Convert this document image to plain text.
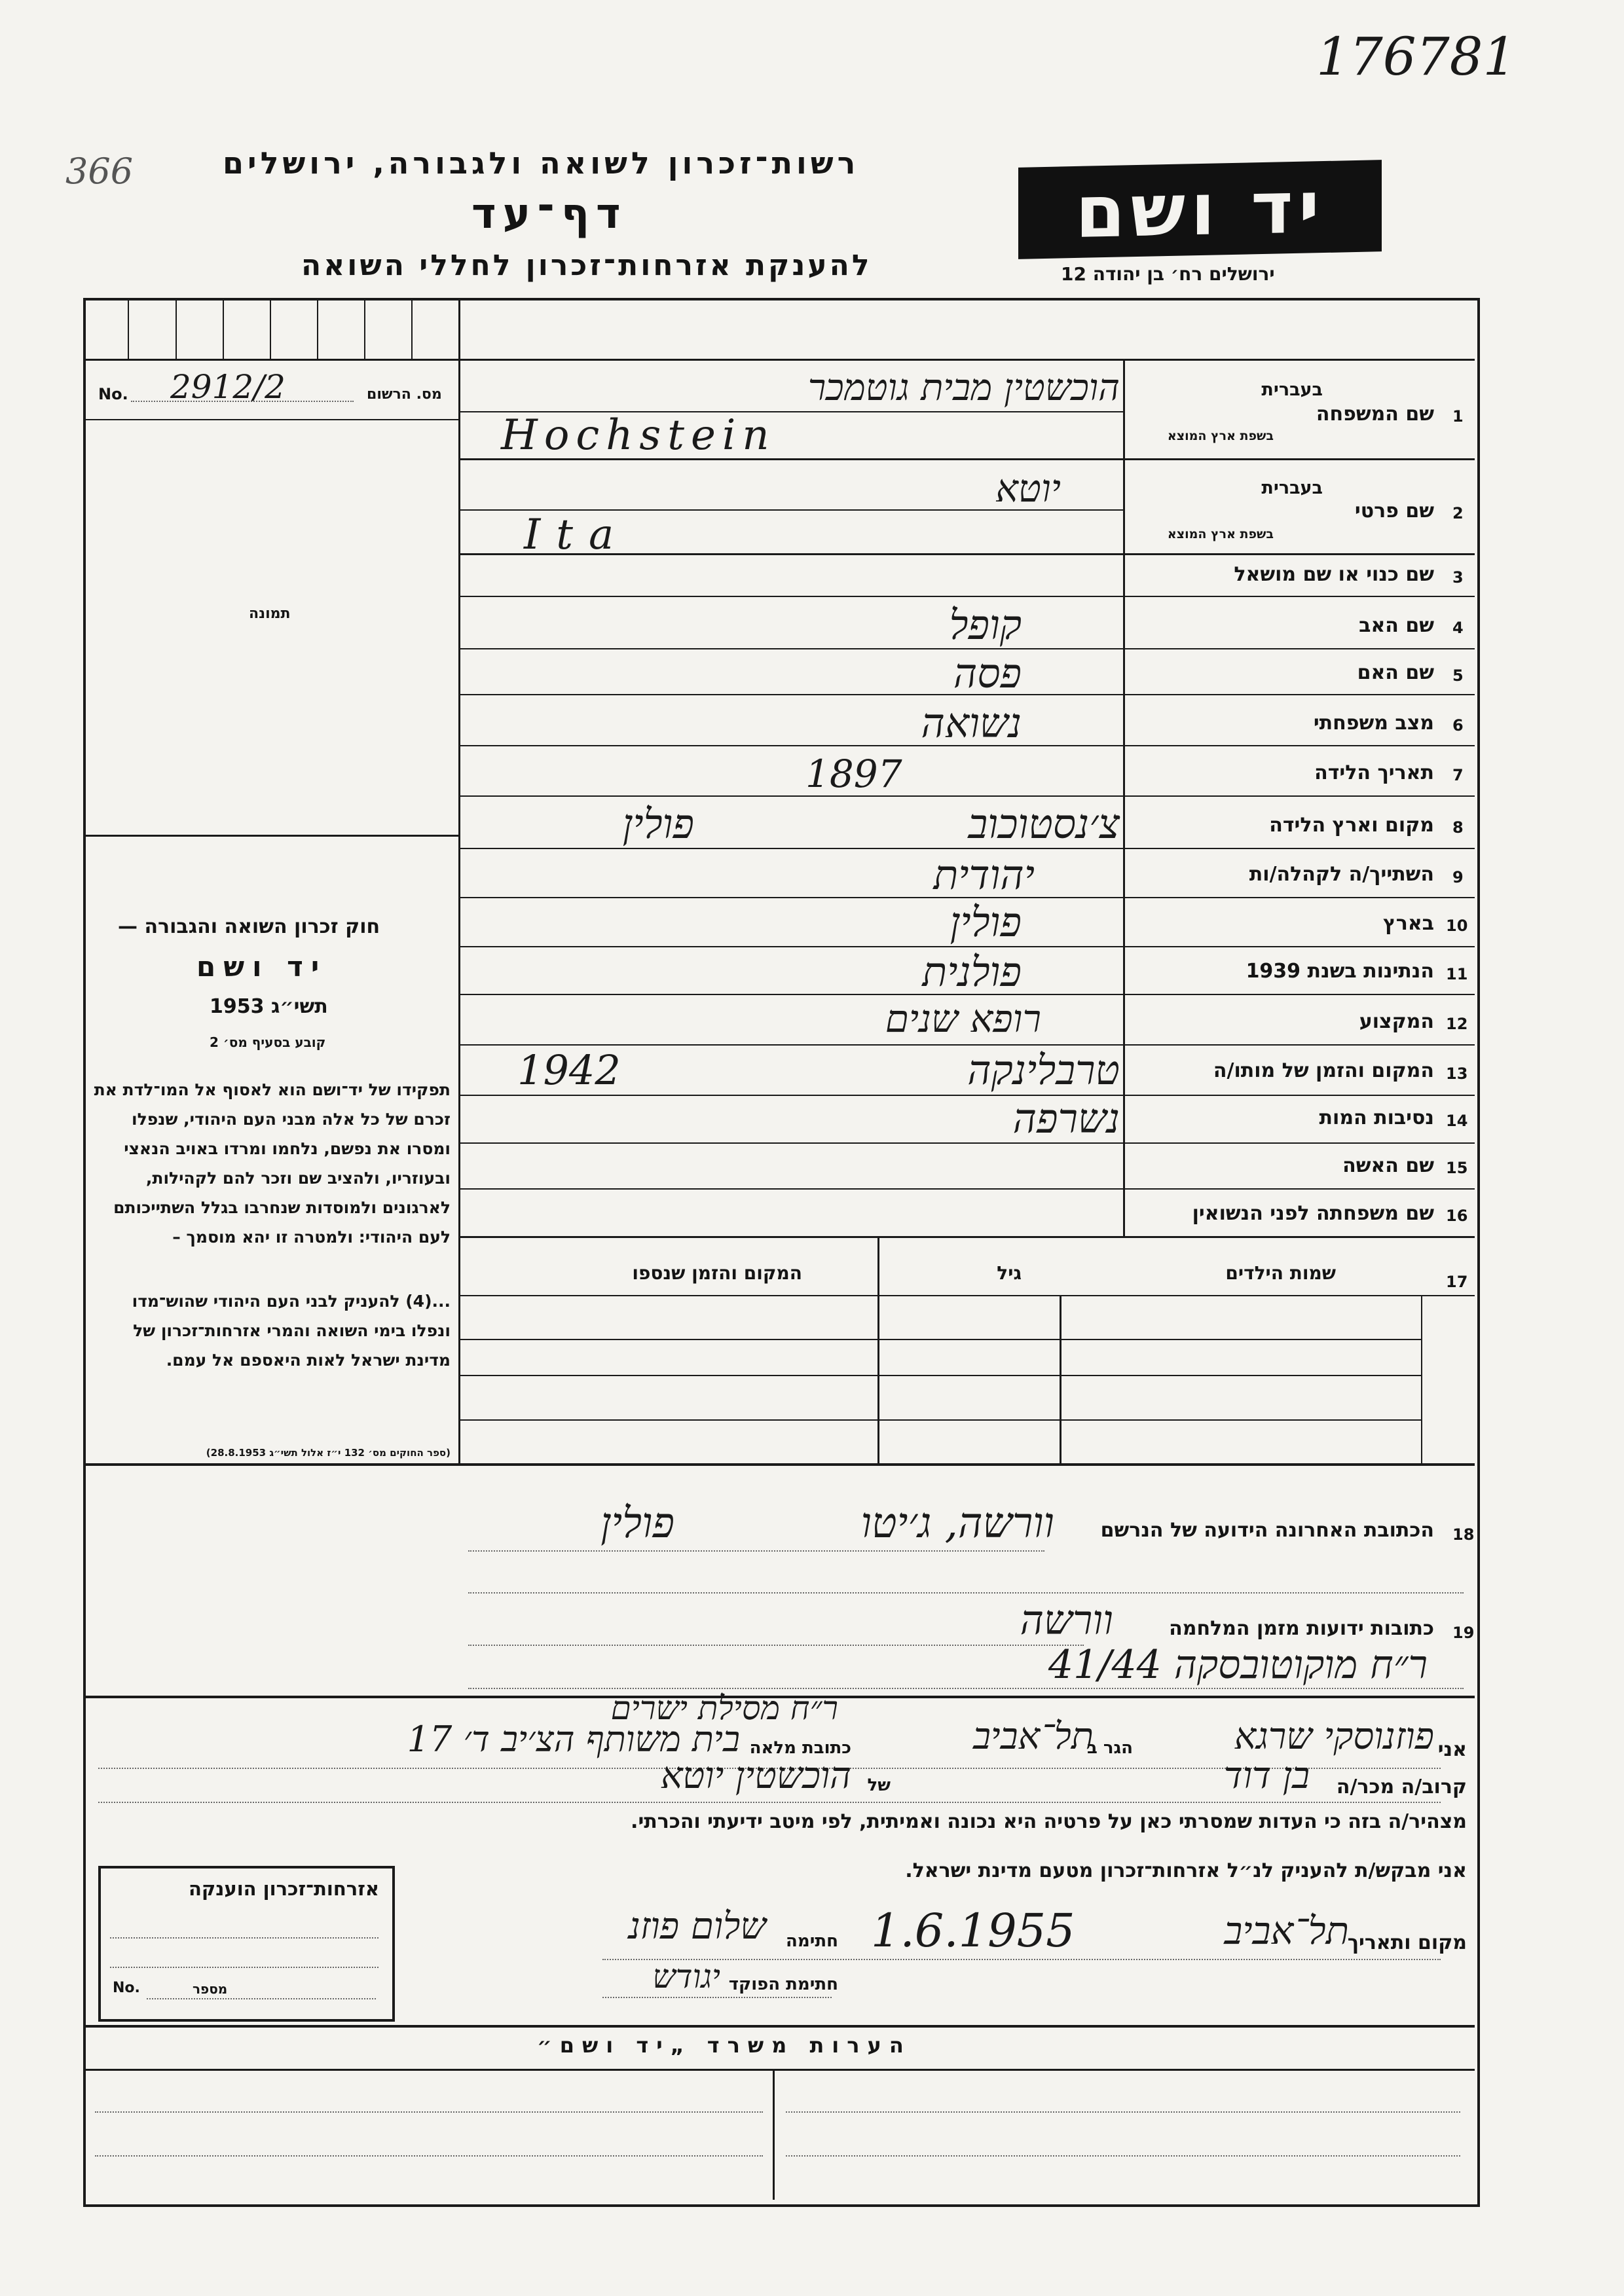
176781
366	רשות־זכרון לשואה ולגבורה, ירושלים
דף־עד
להענקת אזרחות־זכרון לחללי השואה
יד ושם
ירושלים רח׳ בן יהודה 12
No. 2912/2	מס. הרשום
תמונה
חוק זכרון השואה והגבורה —
יד ושם
תשי״ג 1953
קובע בסעיף מס׳ 2
תפקידו של יד־ושם הוא לאסוף אל המו־לדת את זכרם של כל אלה מבני העם היהודי, שנפלו ומסרו את נפשם, נלחמו ומרדו באויב הנאצי ובעוזריו, ולהציב שם וזכר להם לקהילות, לארגונים ולמוסדות שנחרבו בגלל השתייכותם לעם היהודי: ולמטרה זו יהא מוסמך –
...(4) להעניק לבני העם היהודי שהוש־מדו ונפלו בימי השואה והמרי אזרחות־זכרון של מדינת ישראל לאות היאספם אל עמם.
(ספר החוקים מס׳ 132 י״ז אלול תשי״ג 28.8.1953)
1
שם המשפחה
בעברית
בשפת ארץ המוצא
הוכשטין מבית גוטמכר
Hochstein
2
שם פרטי
בעברית
בשפת ארץ המוצא
יוטא
Ita
3
שם כנוי או שם מושאל
4
שם האב
קופל
5
שם האם
פסה
6
מצב משפחתי
נשואה
7
תאריך הלידה
1897
8
מקום וארץ הלידה
צ׳נסטוכוב
פולין
9
השתייך/ה לקהלה/ות
יהודית
10
בארץ
פולין
11
הנתינות בשנת 1939
פולנית
12
המקצוע
רופא שנים
13
המקום והזמן של מותו/ה
טרבלינקה
1942
14
נסיבות המות
נשרפה
15
שם האשה
16
שם משפחתה לפני הנשואין
17
שמות הילדים
גיל
המקום והזמן שנספו
18
הכתובת האחרונה הידועה של הנרשם
וורשה, ג׳יטו
פולין
19
כתובות ידועות מזמן המלחמה
וורשה
ר״ח מוקוטובסקה 41/44
ר״ח מסילת ישרים
אני
פוזנוסקי שרגא
הגר ב
תל־אביב
כתובת מלאה
בית משותף הצ׳יב ד׳ 17
קרוב/ה מכר/ה
בן דוד
של
הוכשטין יוטא
מצהיר/ה בזה כי העדות שמסרתי כאן על פרטיה היא נכונה ואמיתית, לפי מיטב ידיעתי והכרתי.
אני מבקש/ת להעניק לנ״ל אזרחות־זכרון מטעם מדינת ישראל.
מקום ותאריך
תל־אביב
1.6.1955
חתימה
שלום פוזנ
חתימת הפוקד
יגודש
אזרחות־זכרון הוענקה
No.	מספר
הערות משרד „יד ושם״
